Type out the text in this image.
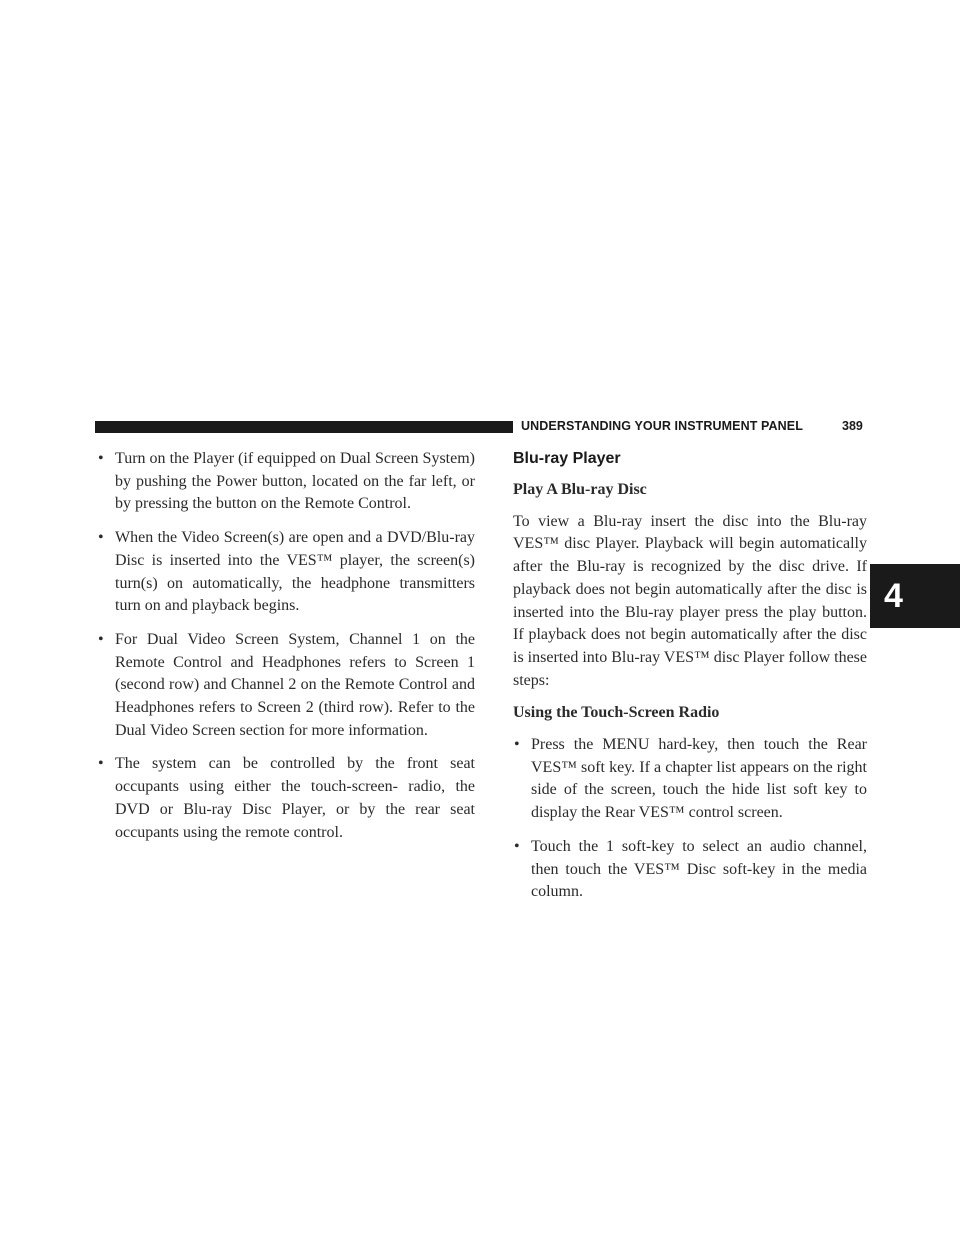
UNDERSTANDING YOUR INSTRUMENT PANEL	389
4
• Turn on the Player (if equipped on Dual Screen System) by pushing the Power button, located on the far left, or by pressing the button on the Remote Control.
• When the Video Screen(s) are open and a DVD/Blu-ray Disc is inserted into the VES™ player, the screen(s) turn(s) on automatically, the headphone transmitters turn on and playback begins.
• For Dual Video Screen System, Channel 1 on the Remote Control and Headphones refers to Screen 1 (second row) and Channel 2 on the Remote Control and Headphones refers to Screen 2 (third row). Refer to the Dual Video Screen section for more information.
• The system can be controlled by the front seat occupants using either the touch-screen- radio, the DVD or Blu-ray Disc Player, or by the rear seat occupants using the remote control.
Blu-ray Player
Play A Blu-ray Disc
To view a Blu-ray insert the disc into the Blu-ray VES™ disc Player. Playback will begin automatically after the Blu-ray is recognized by the disc drive. If playback does not begin automatically after the disc is inserted into the Blu-ray player press the play button. If playback does not begin automatically after the disc is inserted into Blu-ray VES™ disc Player follow these steps:
Using the Touch-Screen Radio
• Press the MENU hard-key, then touch the Rear VES™ soft key. If a chapter list appears on the right side of the screen, touch the hide list soft key to display the Rear VES™ control screen.
• Touch the 1 soft-key to select an audio channel, then touch the VES™ Disc soft-key in the media column.
